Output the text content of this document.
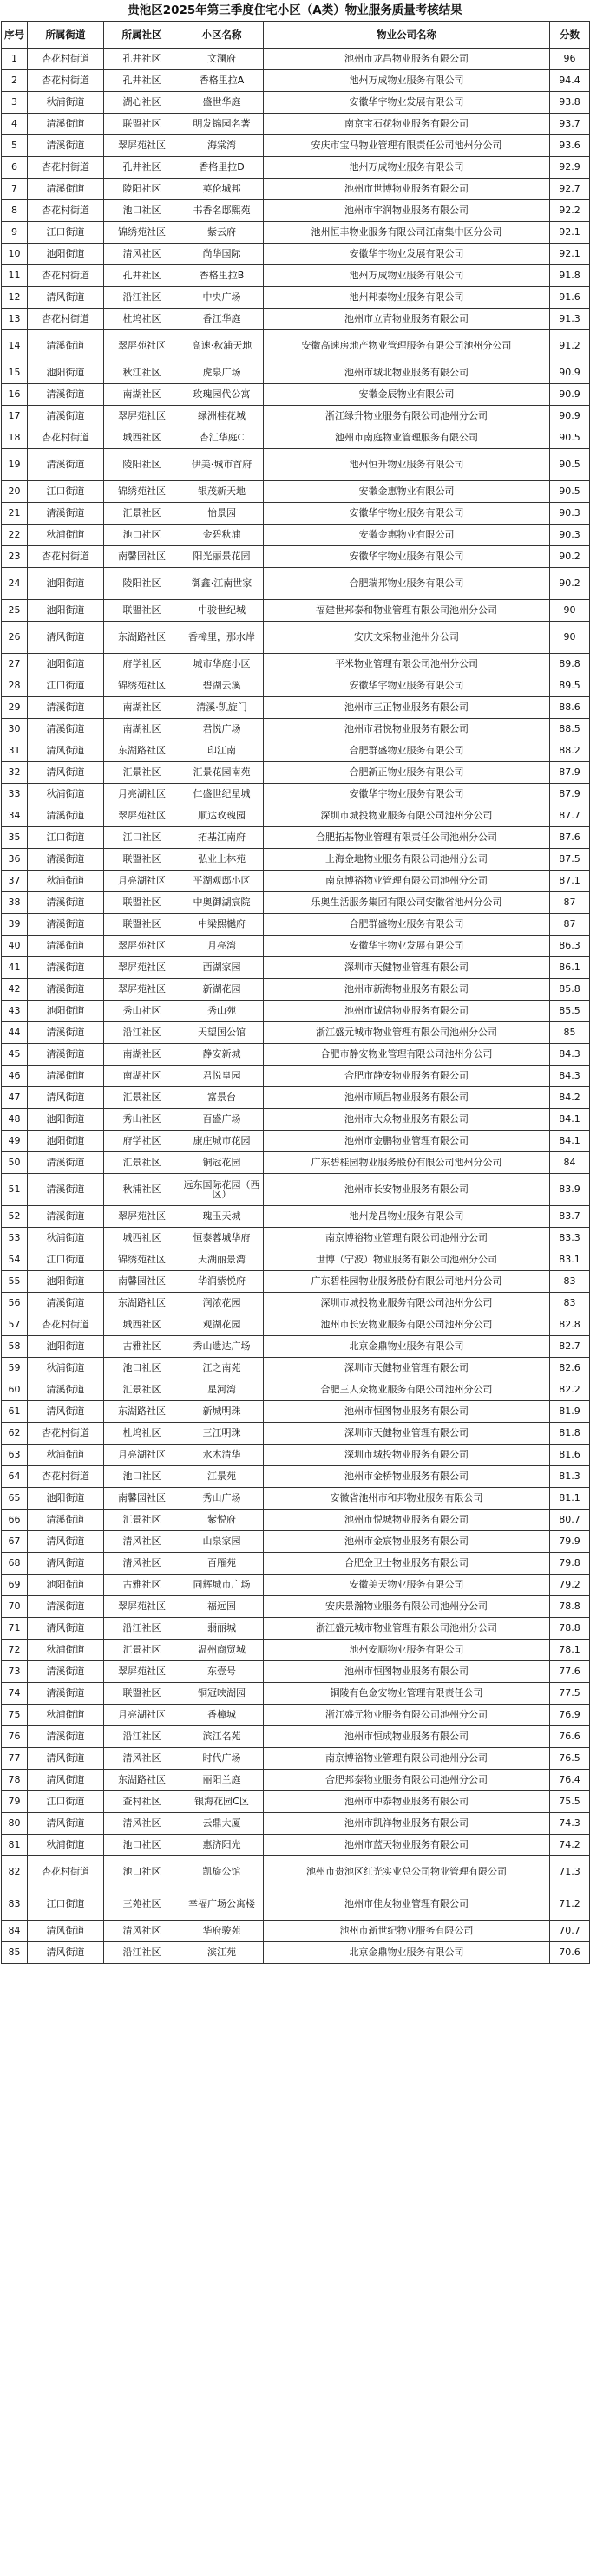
贵池区2025年第三季度住宅小区（A类）物业服务质量考核结果
序号	所属街道	所属社区	小区名称	物业公司名称	分数
1	杏花村街道	孔井社区	文澜府	池州市龙昌物业服务有限公司	96
2	杏花村街道	孔井社区	香格里拉A	池州万成物业服务有限公司	94.4
3	秋浦街道	湖心社区	盛世华庭	安徽华宇物业发展有限公司	93.8
4	清溪街道	联盟社区	明发锦园名著	南京宝石花物业服务有限公司	93.7
5	清溪街道	翠屏苑社区	海棠湾	安庆市宝马物业管理有限责任公司池州分公司	93.6
6	杏花村街道	孔井社区	香格里拉D	池州万成物业服务有限公司	92.9
7	清溪街道	陵阳社区	英伦城邦	池州市世博物业服务有限公司	92.7
8	杏花村街道	池口社区	书香名邸熙苑	池州市宇润物业服务有限公司	92.2
9	江口街道	锦绣苑社区	紫云府	池州恒丰物业服务有限公司江南集中区分公司	92.1
10	池阳街道	清风社区	尚华国际	安徽华宇物业发展有限公司	92.1
11	杏花村街道	孔井社区	香格里拉B	池州万成物业服务有限公司	91.8
12	清风街道	沿江社区	中央广场	池州邦泰物业服务有限公司	91.6
13	杏花村街道	杜坞社区	香江华庭	池州市立青物业服务有限公司	91.3
14	清溪街道	翠屏苑社区	高速·秋浦天地	安徽高速房地产物业管理服务有限公司池州分公司	91.2
15	池阳街道	秋江社区	虎泉广场	池州市城北物业服务有限公司	90.9
16	清溪街道	南湖社区	玫瑰园代公寓	安徽金辰物业有限公司	90.9
17	清溪街道	翠屏苑社区	绿洲桂花城	浙江绿升物业服务有限公司池州分公司	90.9
18	杏花村街道	城西社区	杏汇华庭C	池州市南庭物业管理服务有限公司	90.5
19	清溪街道	陵阳社区	伊美·城市首府	池州恒升物业服务有限公司	90.5
20	江口街道	锦绣苑社区	银茂新天地	安徽金惠物业有限公司	90.5
21	清溪街道	汇景社区	怡景园	安徽华宇物业服务有限公司	90.3
22	秋浦街道	池口社区	金碧秋浦	安徽金惠物业有限公司	90.3
23	杏花村街道	南馨园社区	阳光丽景花园	安徽华宇物业服务有限公司	90.2
24	池阳街道	陵阳社区	御鑫·江南世家	合肥瑞邦物业服务有限公司	90.2
25	池阳街道	联盟社区	中骏世纪城	福建世邦泰和物业管理有限公司池州分公司	90
26	清风街道	东湖路社区	香樟里，那水岸	安庆文采物业池州分公司	90
27	池阳街道	府学社区	城市华庭小区	平米物业管理有限公司池州分公司	89.8
28	江口街道	锦绣苑社区	碧湖云溪	安徽华宇物业服务有限公司	89.5
29	清溪街道	南湖社区	清溪·凯旋门	池州市三正物业服务有限公司	88.6
30	清溪街道	南湖社区	君悦广场	池州市君悦物业服务有限公司	88.5
31	清风街道	东湖路社区	印江南	合肥群盛物业服务有限公司	88.2
32	清风街道	汇景社区	汇景花园南苑	合肥新正物业服务有限公司	87.9
33	秋浦街道	月亮湖社区	仁盛世纪星城	安徽华宇物业服务有限公司	87.9
34	清溪街道	翠屏苑社区	顺达玫瑰园	深圳市城投物业服务有限公司池州分公司	87.7
35	江口街道	江口社区	拓基江南府	合肥拓基物业管理有限责任公司池州分公司	87.6
36	清溪街道	联盟社区	弘业上林苑	上海金地物业服务有限公司池州分公司	87.5
37	秋浦街道	月亮湖社区	平湖观邸小区	南京博裕物业管理有限公司池州分公司	87.1
38	清溪街道	联盟社区	中奥御湖宸院	乐奥生活服务集团有限公司安徽省池州分公司	87
39	清溪街道	联盟社区	中梁熙樾府	合肥群盛物业服务有限公司	87
40	清溪街道	翠屏苑社区	月亮湾	安徽华宇物业发展有限公司	86.3
41	清溪街道	翠屏苑社区	西湖家园	深圳市天健物业管理有限公司	86.1
42	清溪街道	翠屏苑社区	新湖花园	池州市新海物业服务有限公司	85.8
43	池阳街道	秀山社区	秀山苑	池州市诚信物业服务有限公司	85.5
44	清溪街道	沿江社区	天望国公馆	浙江盛元城市物业管理有限公司池州分公司	85
45	清溪街道	南湖社区	静安新城	合肥市静安物业管理有限公司池州分公司	84.3
46	清溪街道	南湖社区	君悦皇园	合肥市静安物业服务有限公司	84.3
47	清风街道	汇景社区	富景台	池州市顺昌物业服务有限公司	84.2
48	池阳街道	秀山社区	百盛广场	池州市大众物业服务有限公司	84.1
49	池阳街道	府学社区	康庄城市花园	池州市金鹏物业管理有限公司	84.1
50	清溪街道	汇景社区	铜冠花园	广东碧桂园物业服务股份有限公司池州分公司	84
51	清溪街道	秋浦社区	远东国际花园（西区）	池州市长安物业服务有限公司	83.9
52	清溪街道	翠屏苑社区	瑰玉天城	池州龙昌物业服务有限公司	83.7
53	秋浦街道	城西社区	恒泰蓉城华府	南京博裕物业管理有限公司池州分公司	83.3
54	江口街道	锦绣苑社区	天湖丽景湾	世博（宁波）物业服务有限公司池州分公司	83.1
55	池阳街道	南馨园社区	华润紫悦府	广东碧桂园物业服务股份有限公司池州分公司	83
56	清溪街道	东湖路社区	润浓花园	深圳市城投物业服务有限公司池州分公司	83
57	杏花村街道	城西社区	观湖花园	池州市长安物业服务有限公司池州分公司	82.8
58	池阳街道	古雅社区	秀山遗达广场	北京金鼎物业服务有限公司	82.7
59	秋浦街道	池口社区	江之南苑	深圳市天健物业管理有限公司	82.6
60	清溪街道	汇景社区	星河湾	合肥三人众物业服务有限公司池州分公司	82.2
61	清风街道	东湖路社区	新城明珠	池州市恒图物业服务有限公司	81.9
62	杏花村街道	杜坞社区	三江明珠	深圳市天健物业管理有限公司	81.8
63	秋浦街道	月亮湖社区	水木清华	深圳市城投物业服务有限公司	81.6
64	杏花村街道	池口社区	江景苑	池州市金桥物业服务有限公司	81.3
65	池阳街道	南馨园社区	秀山广场	安徽省池州市和邦物业服务有限公司	81.1
66	清溪街道	汇景社区	紫悦府	池州市悦城物业服务有限公司	80.7
67	清风街道	清风社区	山泉家园	池州市金宸物业服务有限公司	79.9
68	清风街道	清风社区	百雁苑	合肥金卫士物业服务有限公司	79.8
69	池阳街道	古雅社区	同辉城市广场	安徽美天物业服务有限公司	79.2
70	清溪街道	翠屏苑社区	福远园	安庆景瀚物业服务有限公司池州分公司	78.8
71	清风街道	沿江社区	翡丽城	浙江盛元城市物业管理有限公司池州分公司	78.8
72	秋浦街道	汇景社区	温州商贸城	池州安顺物业服务有限公司	78.1
73	清溪街道	翠屏苑社区	东壹号	池州市恒图物业服务有限公司	77.6
74	清溪街道	联盟社区	铜冠映湖园	铜陵有色金安物业管理有限责任公司	77.5
75	秋浦街道	月亮湖社区	香樟城	浙江盛元物业服务有限公司池州分公司	76.9
76	清溪街道	沿江社区	滨江名苑	池州市恒成物业服务有限公司	76.6
77	清风街道	清风社区	时代广场	南京博裕物业管理有限公司池州分公司	76.5
78	清风街道	东湖路社区	丽阳兰庭	合肥邦泰物业服务有限公司池州分公司	76.4
79	江口街道	查村社区	银海花园C区	池州市中泰物业服务有限公司	75.5
80	清风街道	清风社区	云鼎大厦	池州市凯祥物业服务有限公司	74.3
81	秋浦街道	池口社区	惠济阳光	池州市蓝天物业服务有限公司	74.2
82	杏花村街道	池口社区	凯旋公馆	池州市贵池区红光实业总公司物业管理有限公司	71.3
83	江口街道	三苑社区	幸福广场公寓楼	池州市佳友物业管理有限公司	71.2
84	清风街道	清风社区	华府骏苑	池州市新世纪物业服务有限公司	70.7
85	清风街道	沿江社区	滨江苑	北京金鼎物业服务有限公司	70.6
